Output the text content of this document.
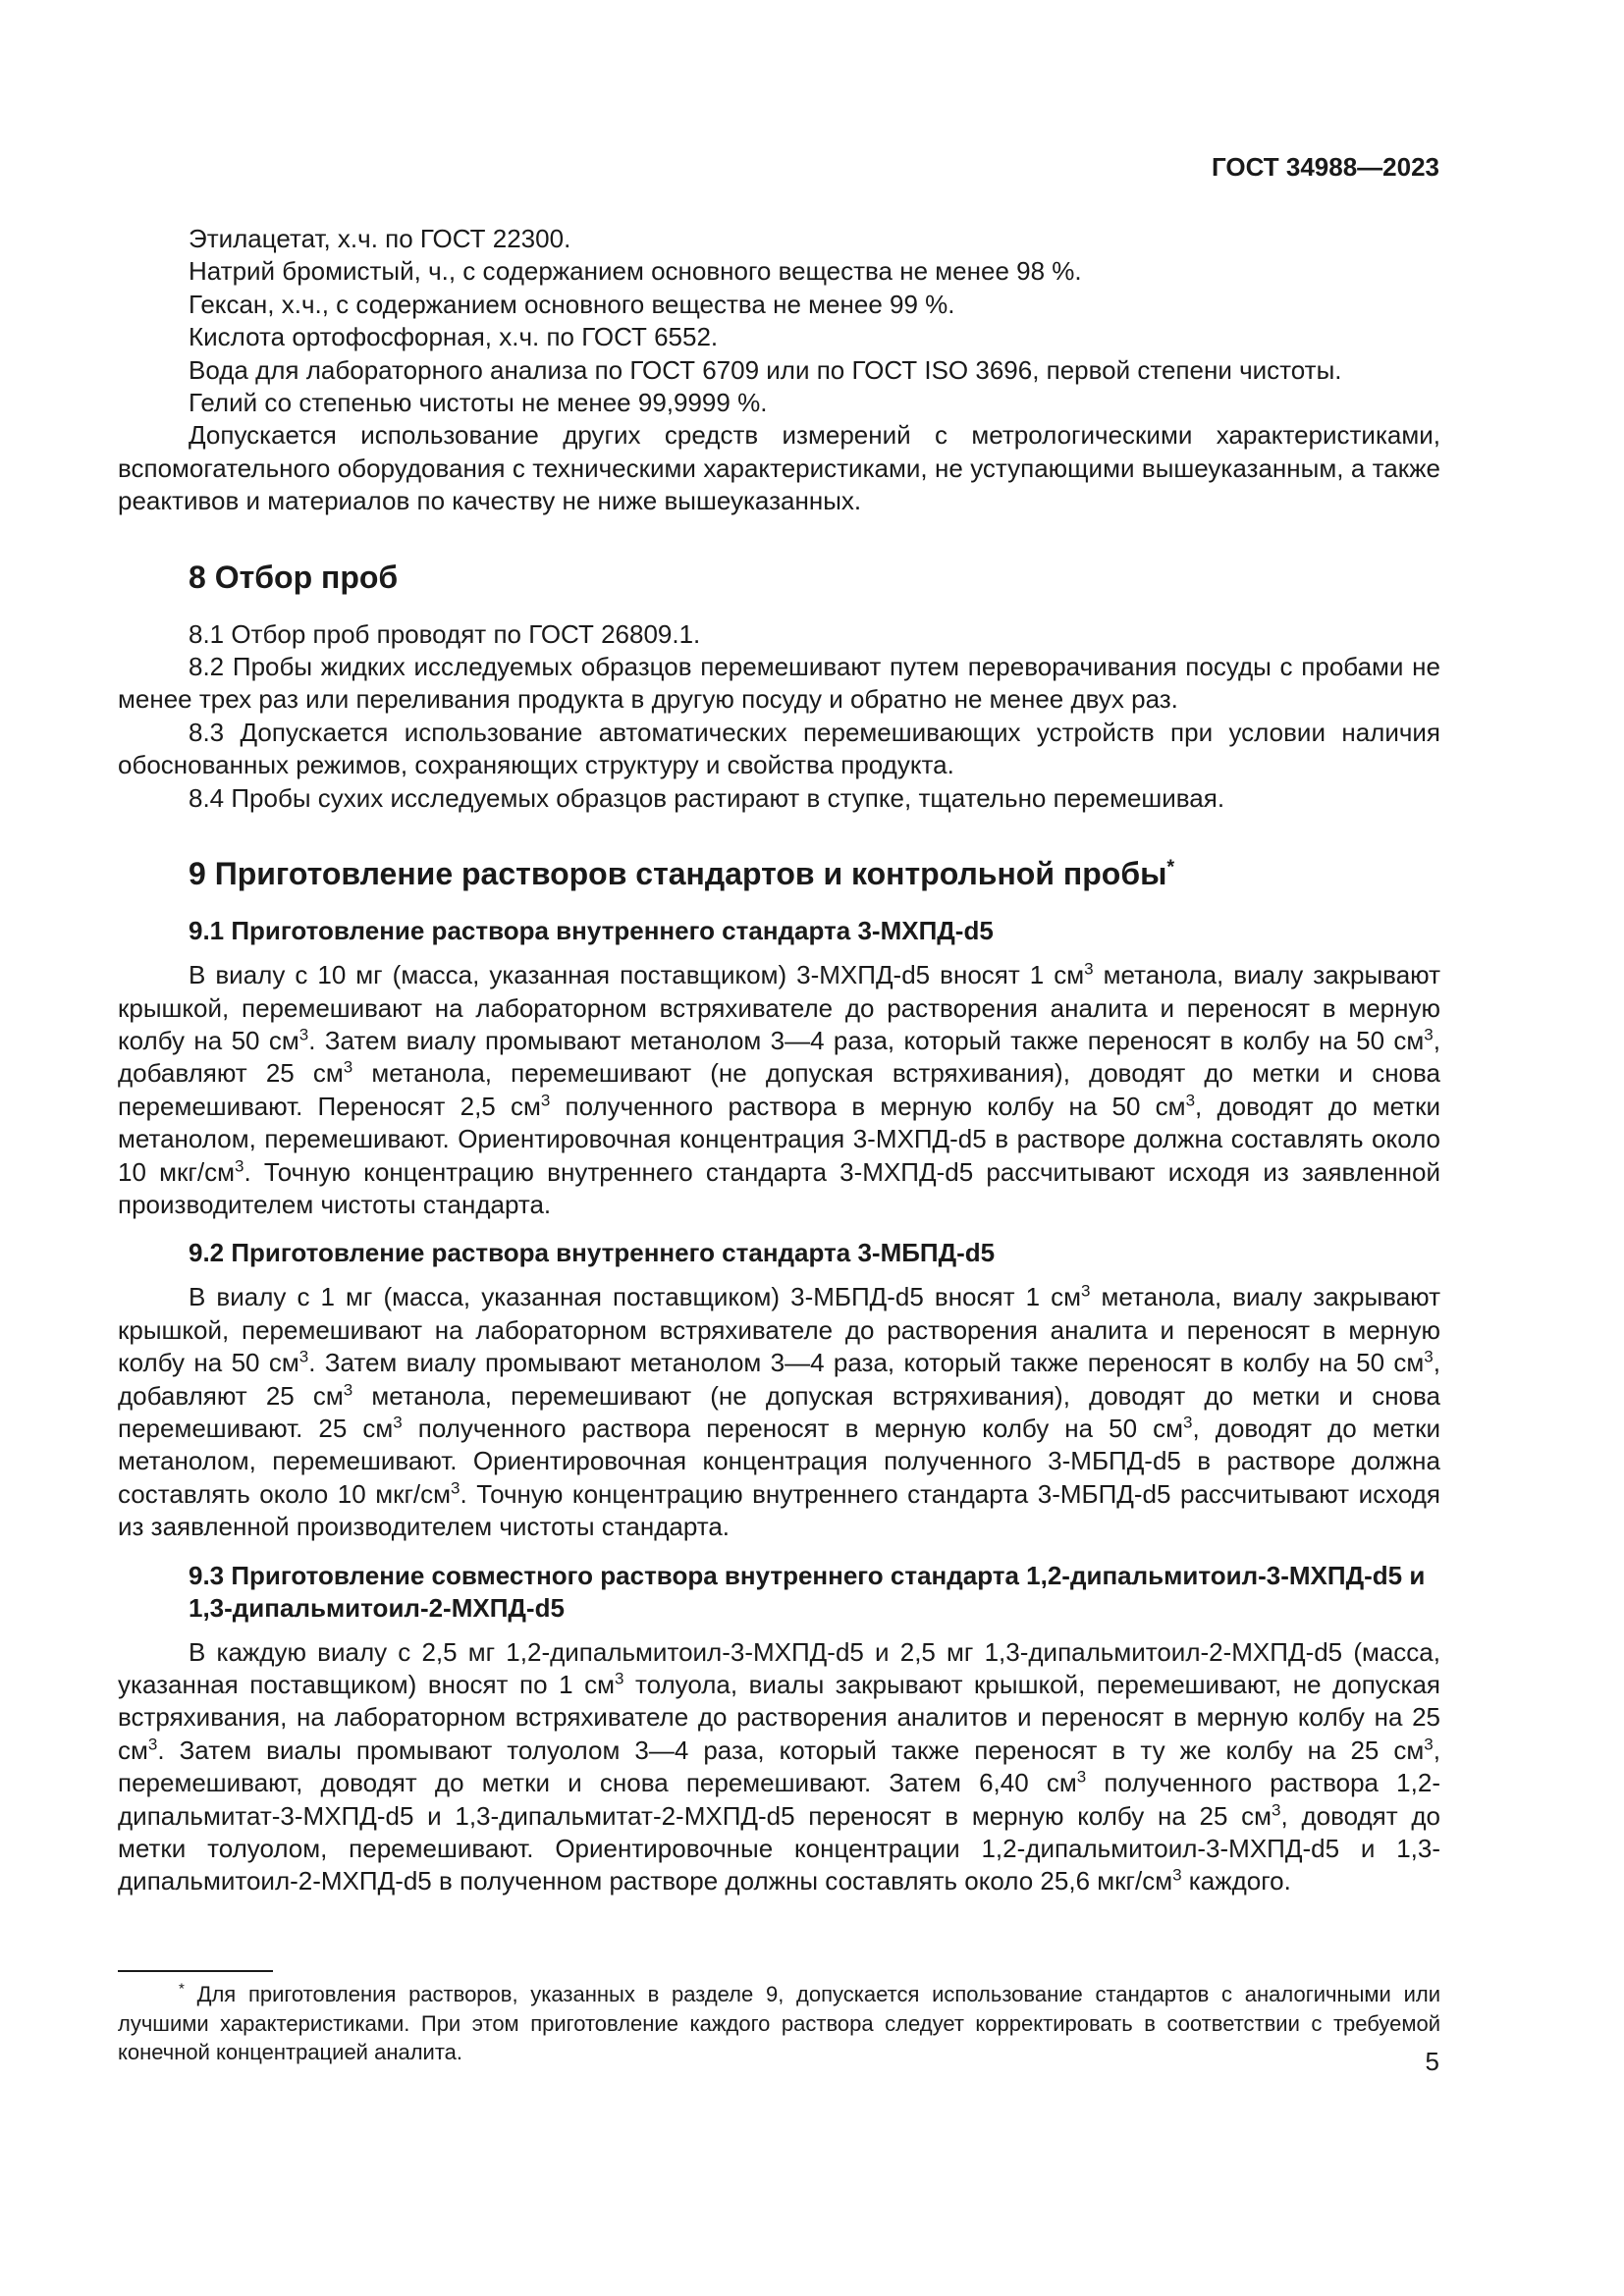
ГОСТ 34988—2023

Этилацетат, х.ч. по ГОСТ 22300.

Натрий бромистый, ч., с содержанием основного вещества не менее 98 %.

Гексан, х.ч., с содержанием основного вещества не менее 99 %.

Кислота ортофосфорная, х.ч. по ГОСТ 6552.

Вода для лабораторного анализа по ГОСТ 6709 или по ГОСТ ISO 3696, первой степени чистоты.

Гелий со степенью чистоты не менее 99,9999 %.

Допускается использование других средств измерений с метрологическими характеристиками, вспомогательного оборудования с техническими характеристиками, не уступающими вышеуказанным, а также реактивов и материалов по качеству не ниже вышеуказанных.

8 Отбор проб

8.1 Отбор проб проводят по ГОСТ 26809.1.

8.2 Пробы жидких исследуемых образцов перемешивают путем переворачивания посуды с пробами не менее трех раз или переливания продукта в другую посуду и обратно не менее двух раз.

8.3 Допускается использование автоматических перемешивающих устройств при условии наличия обоснованных режимов, сохраняющих структуру и свойства продукта.

8.4 Пробы сухих исследуемых образцов растирают в ступке, тщательно перемешивая.

9 Приготовление растворов стандартов и контрольной пробы*
9.1 Приготовление раствора внутреннего стандарта 3-МХПД-d5

В виалу с 10 мг (масса, указанная поставщиком) 3-МХПД-d5 вносят 1 $см^3$ метанола, виалу закрывают крышкой, перемешивают на лабораторном встряхивателе до растворения аналита и переносят в мерную колбу на 50 $см^3$. Затем виалу промывают метанолом 3—4 раза, который также переносят в колбу на 50 $см^3$, добавляют 25 $см^3$ метанола, перемешивают (не допуская встряхивания), доводят до метки и снова перемешивают. Переносят 2,5 $см^3$ полученного раствора в мерную колбу на 50 $см^3$, доводят до метки метанолом, перемешивают. Ориентировочная концентрация 3-МХПД-d5 в растворе должна составлять около 10 мкг/$см^3$. Точную концентрацию внутреннего стандарта 3-МХПД-d5 рассчитывают исходя из заявленной производителем чистоты стандарта.

9.2 Приготовление раствора внутреннего стандарта 3-МБПД-d5

В виалу с 1 мг (масса, указанная поставщиком) 3-МБПД-d5 вносят 1 $см^3$ метанола, виалу закрывают крышкой, перемешивают на лабораторном встряхивателе до растворения аналита и переносят в мерную колбу на 50 $см^3$. Затем виалу промывают метанолом 3—4 раза, который также переносят в колбу на 50 $см^3$, добавляют 25 $см^3$ метанола, перемешивают (не допуская встряхивания), доводят до метки и снова перемешивают. 25 $см^3$ полученного раствора переносят в мерную колбу на 50 $см^3$, доводят до метки метанолом, перемешивают. Ориентировочная концентрация полученного 3-МБПД-d5 в растворе должна составлять около 10 мкг/$см^3$. Точную концентрацию внутреннего стандарта 3-МБПД-d5 рассчитывают исходя из заявленной производителем чистоты стандарта.

9.3 Приготовление совместного раствора внутреннего стандарта 1,2-дипальмитоил-3-МХПД-d5 и 1,3-дипальмитоил-2-МХПД-d5

В каждую виалу с 2,5 мг 1,2-дипальмитоил-3-МХПД-d5 и 2,5 мг 1,3-дипальмитоил-2-МХПД-d5 (масса, указанная поставщиком) вносят по 1 $см^3$ толуола, виалы закрывают крышкой, перемешивают, не допуская встряхивания, на лабораторном встряхивателе до растворения аналитов и переносят в мерную колбу на 25 $см^3$. Затем виалы промывают толуолом 3—4 раза, который также переносят в ту же колбу на 25 $см^3$, перемешивают, доводят до метки и снова перемешивают. Затем 6,40 $см^3$ полученного раствора 1,2-дипальмитат-3-МХПД-d5 и 1,3-дипальмитат-2-МХПД-d5 переносят в мерную колбу на 25 $см^3$, доводят до метки толуолом, перемешивают. Ориентировочные концентрации 1,2-дипальмитоил-3-МХПД-d5 и 1,3-дипальмитоил-2-МХПД-d5 в полученном растворе должны составлять около 25,6 мкг/$см^3$ каждого.

* Для приготовления растворов, указанных в разделе 9, допускается использование стандартов с аналогичными или лучшими характеристиками. При этом приготовление каждого раствора следует корректировать в соответствии с требуемой конечной концентрацией аналита.	5
